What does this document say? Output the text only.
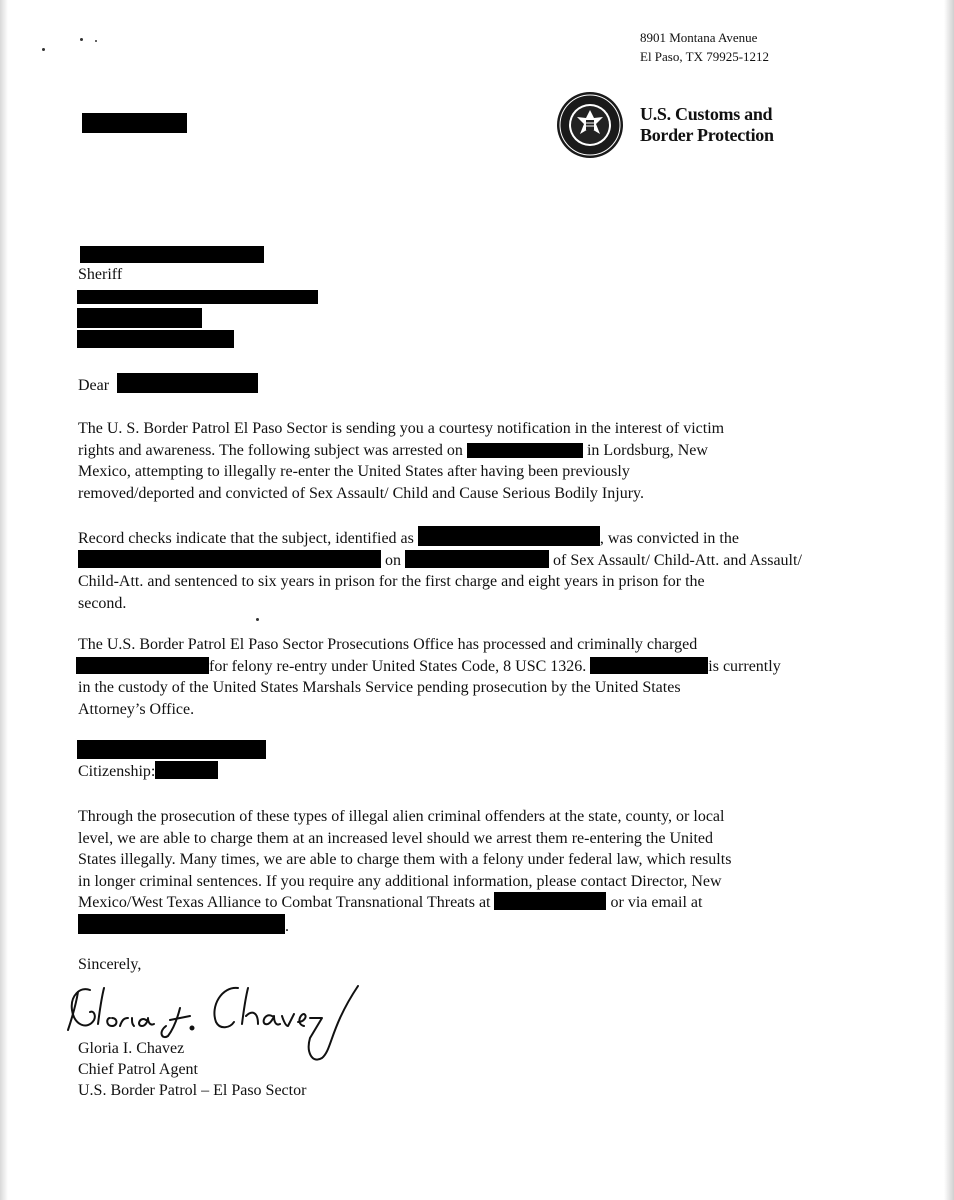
8901 Montana Avenue
El Paso, TX 79925-1212
U.S. Customs and
Border Protection
Sheriff
Dear
The U. S. Border Patrol El Paso Sector is sending you a courtesy notification in the interest of victim
rights and awareness. The following subject was arrested on	in Lordsburg, New
Mexico, attempting to illegally re-enter the United States after having been previously
removed/deported and convicted of Sex Assault/ Child and Cause Serious Bodily Injury.
Record checks indicate that the subject, identified as	, was convicted in the
on	of Sex Assault/ Child-Att. and Assault/
Child-Att. and sentenced to six years in prison for the first charge and eight years in prison for the
second.
The U.S. Border Patrol El Paso Sector Prosecutions Office has processed and criminally charged
for felony re-entry under United States Code, 8 USC 1326.	is currently
in the custody of the United States Marshals Service pending prosecution by the United States
Attorney’s Office.
Citizenship:
Through the prosecution of these types of illegal alien criminal offenders at the state, county, or local
level, we are able to charge them at an increased level should we arrest them re-entering the United
States illegally. Many times, we are able to charge them with a felony under federal law, which results
in longer criminal sentences. If you require any additional information, please contact Director, New
Mexico/West Texas Alliance to Combat Transnational Threats at	or via email at
.
Sincerely,
Gloria I. Chavez
Chief Patrol Agent
U.S. Border Patrol – El Paso Sector
